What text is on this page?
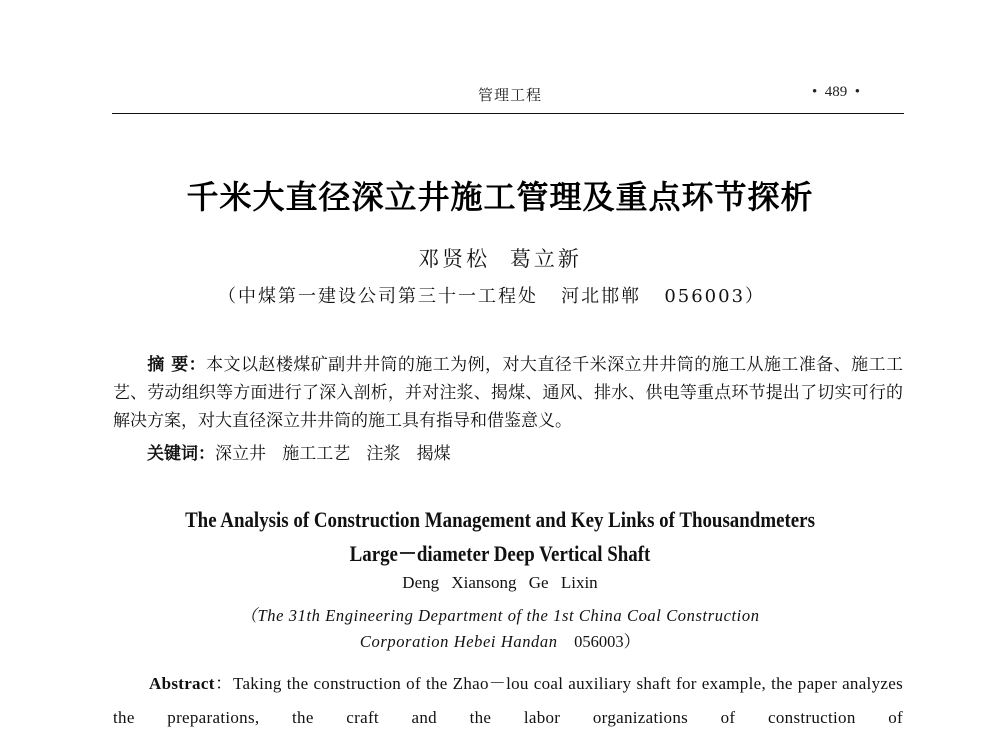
管理工程	•  489  •
千米大直径深立井施工管理及重点环节探析
邓贤松 葛立新
（中煤第一建设公司第三十一工程处   河北邯郸   056003）
摘 要：本文以赵楼煤矿副井井筒的施工为例，对大直径千米深立井井筒的施工从施工准备、施工工艺、劳动组织等方面进行了深入剖析，并对注浆、揭煤、通风、排水、供电等重点环节提出了切实可行的解决方案，对大直径深立井井筒的施工具有指导和借鉴意义。
关键词：深立井   施工工艺   注浆   揭煤
The Analysis of Construction Management and Key Links of Thousandmeters
Large－diameter Deep Vertical Shaft
Deng Xiansong Ge Lixin
（The 31th Engineering Department of the 1st China Coal Construction
Corporation Hebei Handan 056003）
Abstract：Taking the construction of the Zhao－lou coal auxiliary shaft for example, the paper analyzes the preparations, the craft and the labor organizations of construction of
